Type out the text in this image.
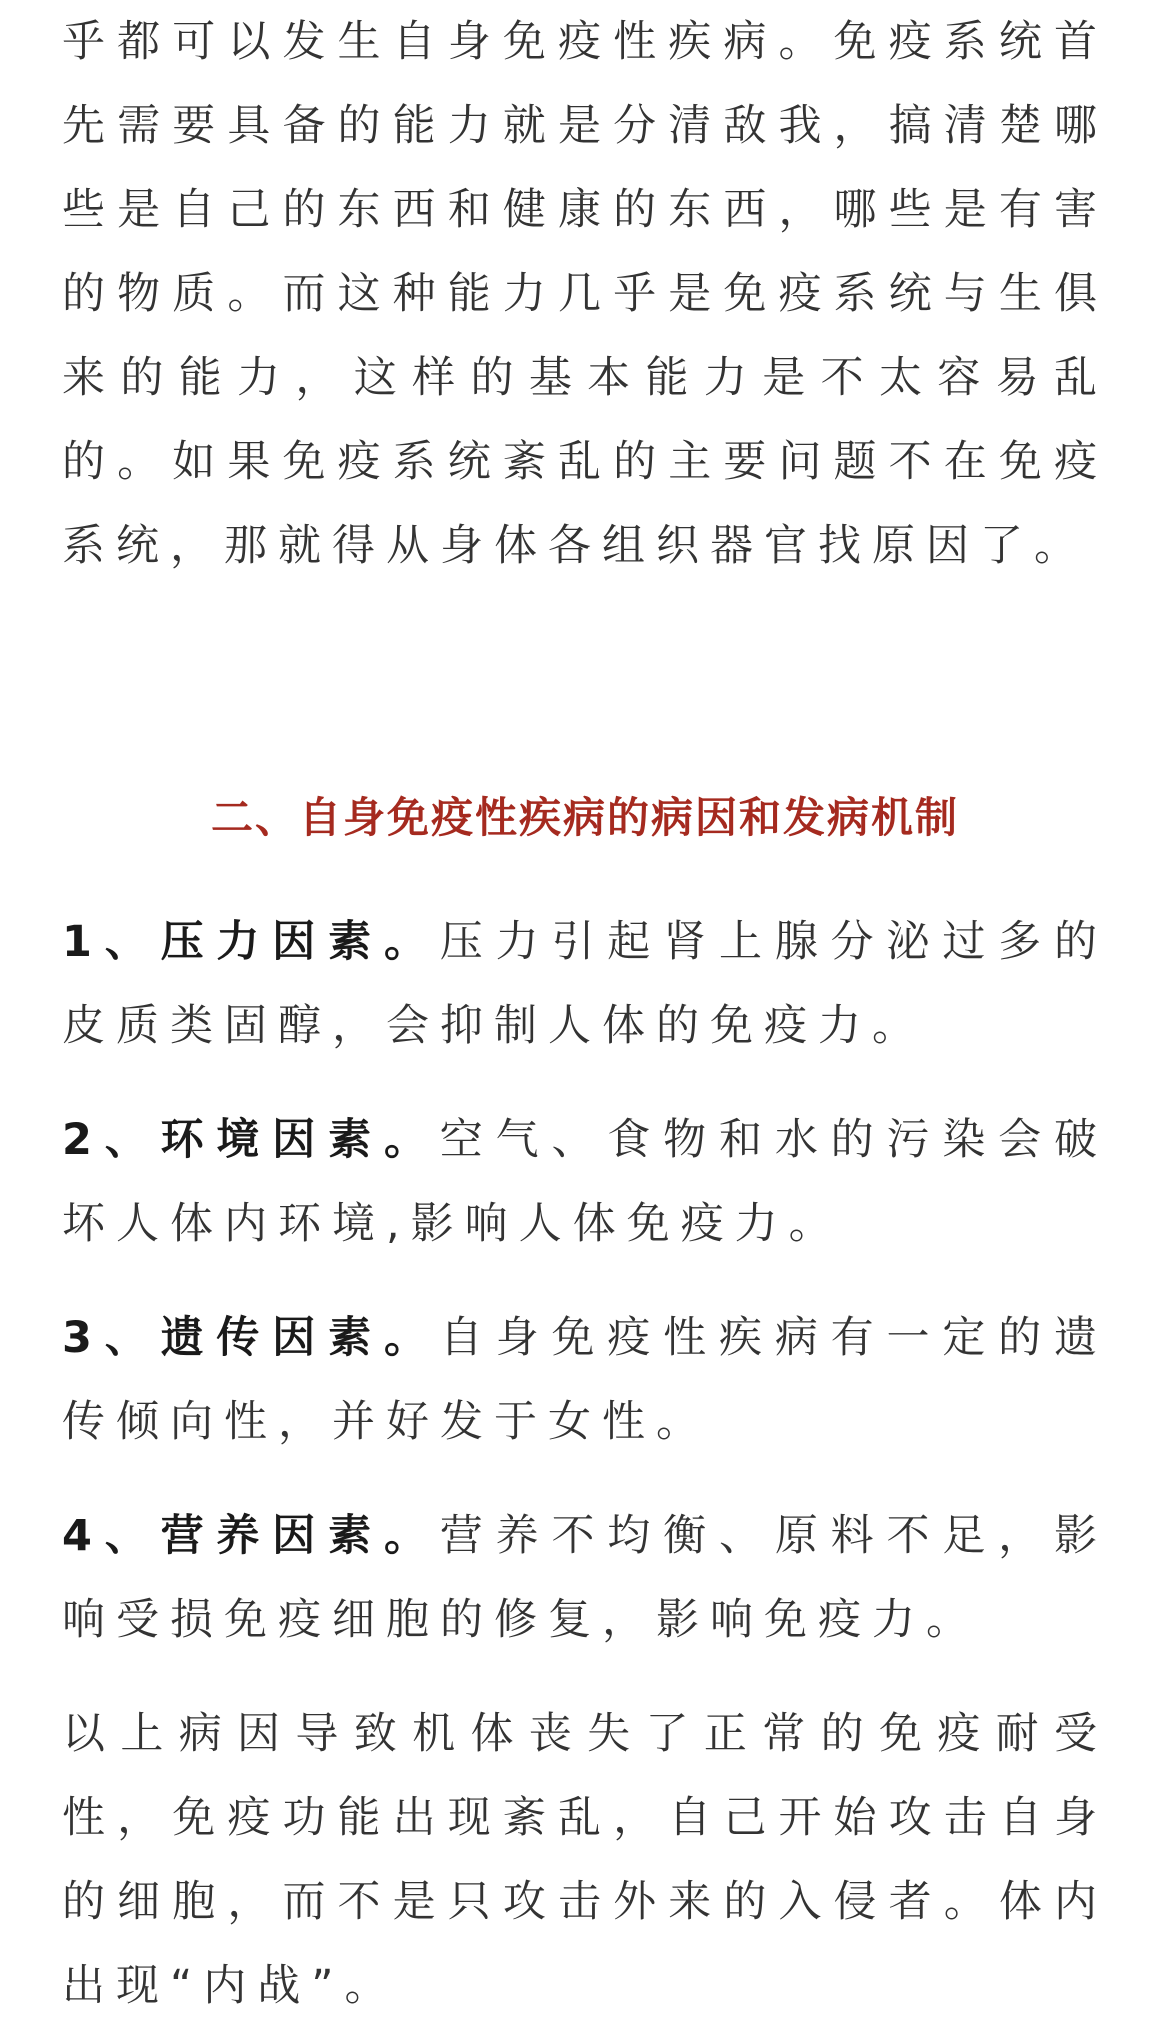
乎都可以发生自身免疫性疾病。免疫系统首先需要具备的能力就是分清敌我，搞清楚哪些是自己的东西和健康的东西，哪些是有害的物质。而这种能力几乎是免疫系统与生俱来的能力，这样的基本能力是不太容易乱的。如果免疫系统紊乱的主要问题不在免疫系统，那就得从身体各组织器官找原因了。

二、自身免疫性疾病的病因和发病机制

1、压力因素。压力引起肾上腺分泌过多的皮质类固醇，会抑制人体的免疫力。

2、环境因素。空气、食物和水的污染会破坏人体内环境,影响人体免疫力。

3、遗传因素。自身免疫性疾病有一定的遗传倾向性，并好发于女性。

4、营养因素。营养不均衡、原料不足，影响受损免疫细胞的修复，影响免疫力。

以上病因导致机体丧失了正常的免疫耐受性，免疫功能出现紊乱，自己开始攻击自身的细胞，而不是只攻击外来的入侵者。体内出现“内战”。
